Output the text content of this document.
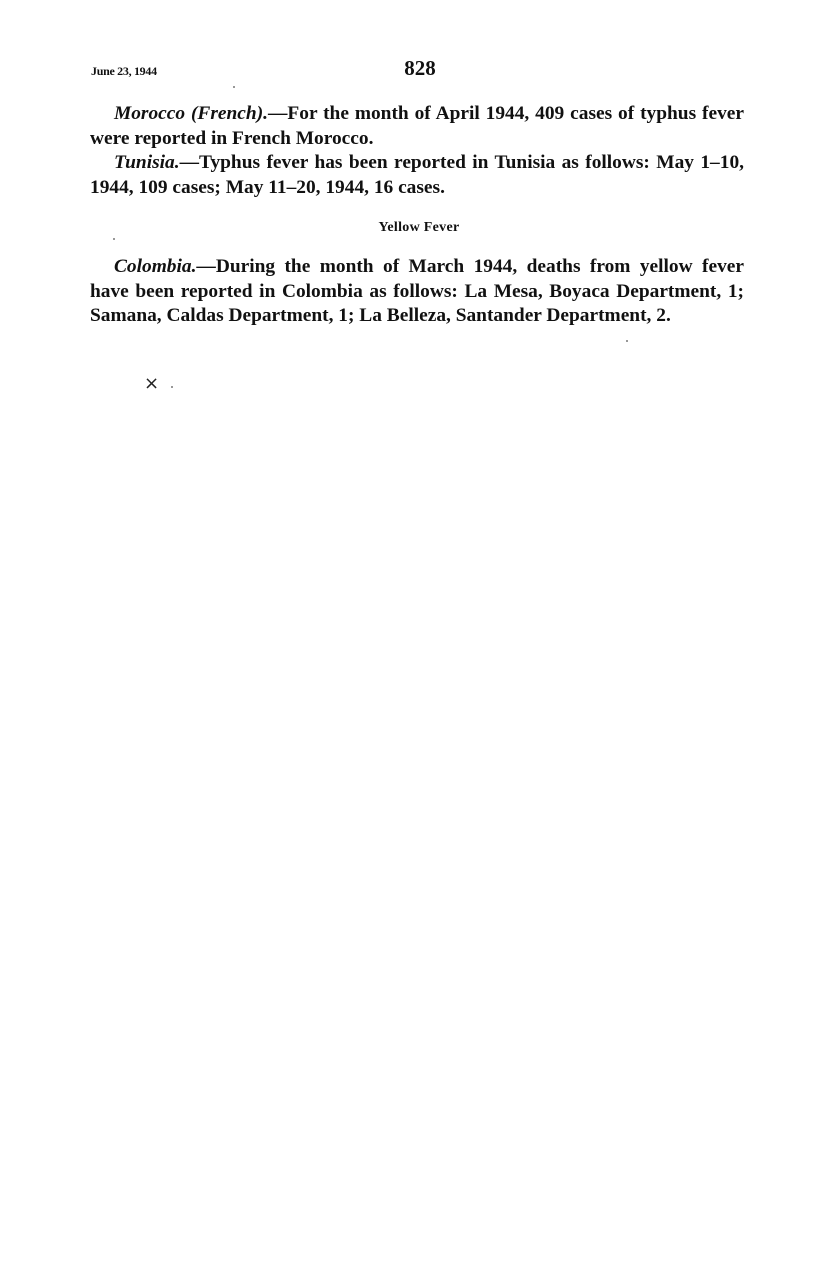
June 23, 1944	828

Morocco (French).—For the month of April 1944, 409 cases of typhus fever were reported in French Morocco.

Tunisia.—Typhus fever has been reported in Tunisia as follows: May 1–10, 1944, 109 cases; May 11–20, 1944, 16 cases.

Yellow Fever

Colombia.—During the month of March 1944, deaths from yellow fever have been reported in Colombia as follows: La Mesa, Boyaca Department, 1; Samana, Caldas Department, 1; La Belleza, Santander Department, 2.

×
